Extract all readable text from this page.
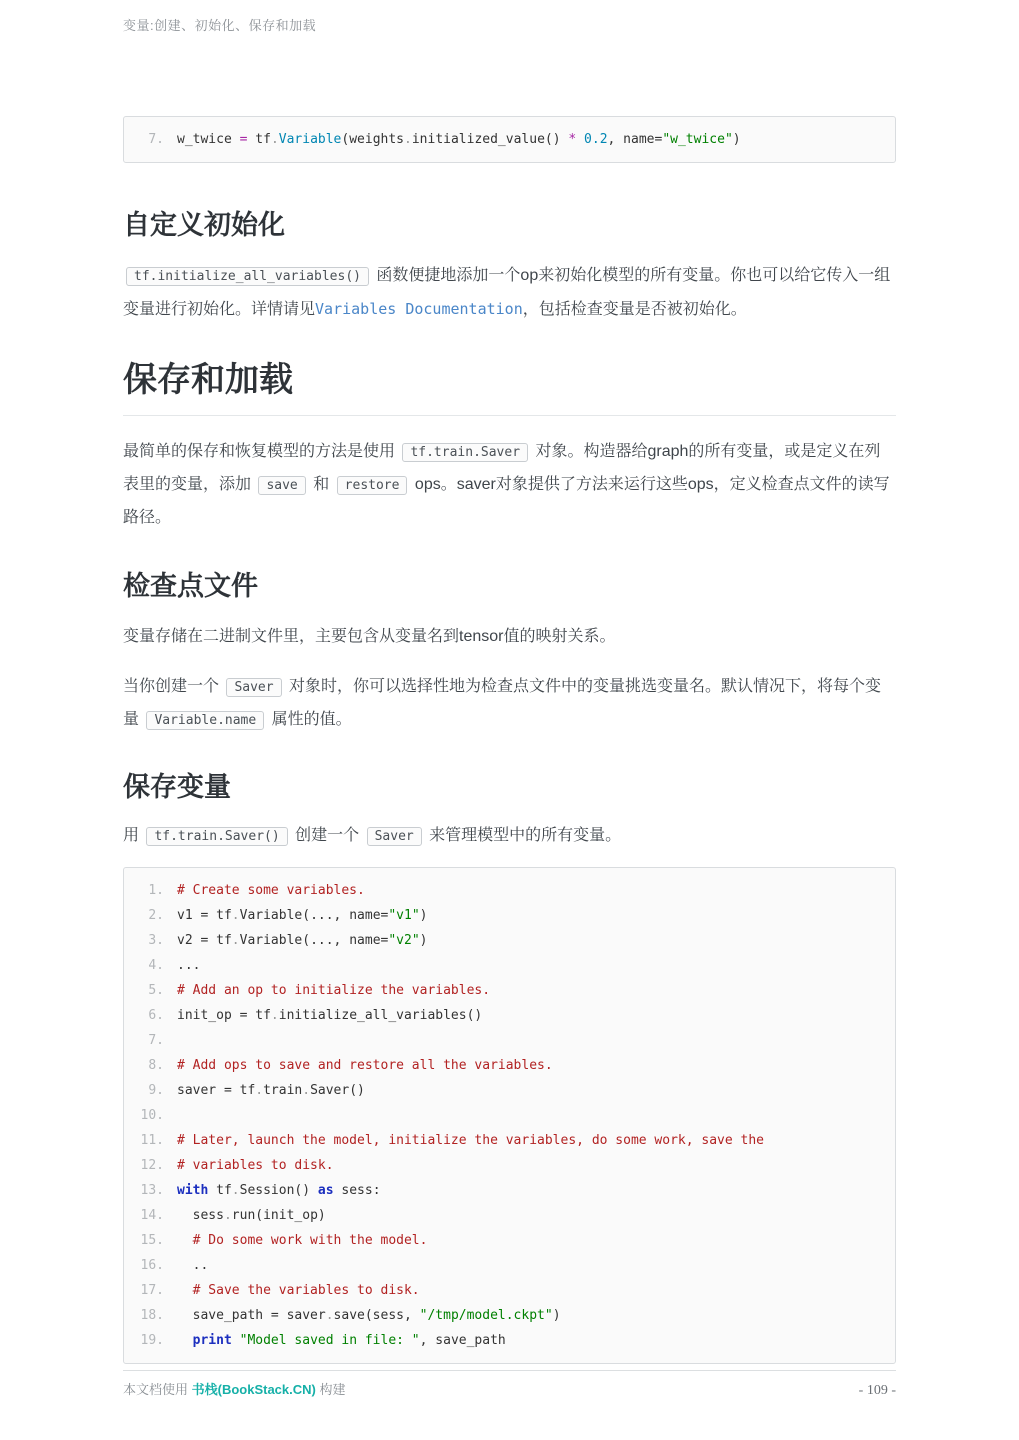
变量:创建、初始化、保存和加载
7. w_twice = tf.Variable(weights.initialized_value() * 0.2, name="w_twice")
自定义初始化

tf.initialize_all_variables() 函数便捷地添加一个op来初始化模型的所有变量。你也可以给它传入一组变量进行初始化。详情请见Variables Documentation，包括检查变量是否被初始化。

保存和加载

最简单的保存和恢复模型的方法是使用 tf.train.Saver 对象。构造器给graph的所有变量，或是定义在列表里的变量，添加 save 和 restore ops。saver对象提供了方法来运行这些ops，定义检查点文件的读写路径。

检查点文件

变量存储在二进制文件里，主要包含从变量名到tensor值的映射关系。

当你创建一个 Saver 对象时，你可以选择性地为检查点文件中的变量挑选变量名。默认情况下，将每个变量 Variable.name 属性的值。

保存变量

用 tf.train.Saver() 创建一个 Saver 来管理模型中的所有变量。

1. # Create some variables.
2. v1 = tf.Variable(..., name="v1")
3. v2 = tf.Variable(..., name="v2")
4. ...
5. # Add an op to initialize the variables.
6. init_op = tf.initialize_all_variables()
7.
8. # Add ops to save and restore all the variables.
9. saver = tf.train.Saver()
10.
11. # Later, launch the model, initialize the variables, do some work, save the
12. # variables to disk.
13. with tf.Session() as sess:
14.  sess.run(init_op)
15.  # Do some work with the model.
16.  ..
17.  # Save the variables to disk.
18.  save_path = saver.save(sess, "/tmp/model.ckpt")
19. print "Model saved in file: ", save_path
本文档使用 书栈(BookStack.CN) 构建	- 109 -
